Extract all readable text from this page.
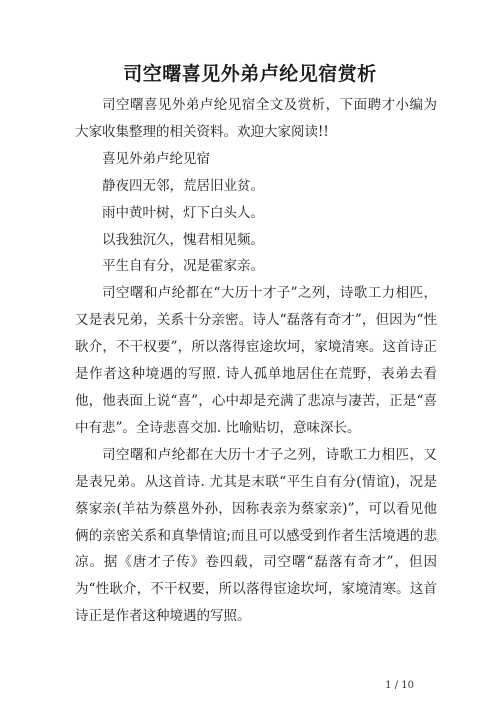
司空曙喜见外弟卢纶见宿赏析

司空曙喜见外弟卢纶见宿全文及赏析，下面聘才小编为大家收集整理的相关资料。欢迎大家阅读!!

喜见外弟卢纶见宿

静夜四无邻，荒居旧业贫。

雨中黄叶树，灯下白头人。

以我独沉久，愧君相见频。

平生自有分，况是霍家亲。

司空曙和卢纶都在“大历十才子”之列，诗歌工力相匹，又是表兄弟，关系十分亲密。诗人“磊落有奇才”，但因为“性耿介，不干权要”，所以落得宦途坎坷，家境清寒。这首诗正是作者这种境遇的写照. 诗人孤单地居住在荒野，表弟去看他，他表面上说“喜”，心中却是充满了悲凉与凄苦，正是“喜中有悲”。全诗悲喜交加. 比喻贴切，意味深长。

司空曙和卢纶都在大历十才子之列，诗歌工力相匹，又是表兄弟。从这首诗. 尤其是末联“平生自有分(情谊)，况是蔡家亲(羊祜为蔡邕外孙，因称表亲为蔡家亲)”，可以看见他俩的亲密关系和真挚情谊;而且可以感受到作者生活境遇的悲凉。据《唐才子传》卷四载，司空曙“磊落有奇才”，但因为“性耿介，不干权要，所以落得宦途坎坷，家境清寒。这首诗正是作者这种境遇的写照。

1 / 10
